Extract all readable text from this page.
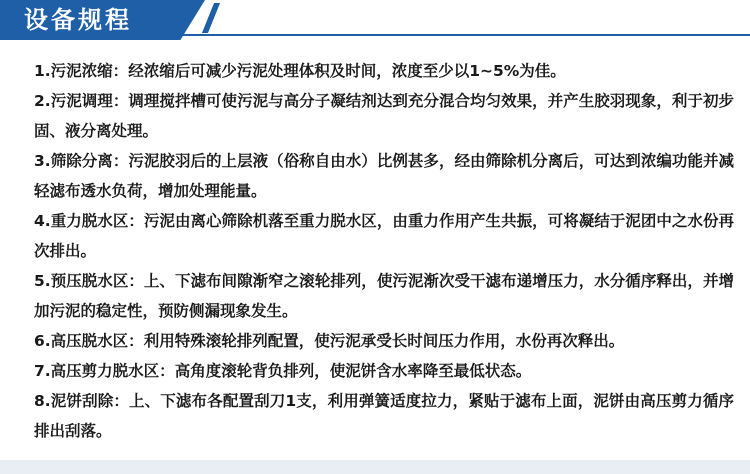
设备规程

1.污泥浓缩：经浓缩后可减少污泥处理体积及时间，浓度至少以1~5%为佳。

2.污泥调理：调理搅拌槽可使污泥与高分子凝结剂达到充分混合均匀效果，并产生胶羽现象，利于初步固、液分离处理。

3.筛除分离：污泥胶羽后的上层液（俗称自由水）比例甚多，经由筛除机分离后，可达到浓编功能并减轻滤布透水负荷，增加处理能量。

4.重力脱水区：污泥由离心筛除机落至重力脱水区，由重力作用产生共振，可将凝结于泥团中之水份再次排出。

5.预压脱水区：上、下滤布间隙渐窄之滚轮排列，使污泥渐次受干滤布递增压力，水分循序释出，并增加污泥的稳定性，预防侧漏现象发生。

6.高压脱水区：利用特殊滚轮排列配置，使污泥承受长时间压力作用，水份再次释出。

7.高压剪力脱水区：高角度滚轮背负排列，使泥饼含水率降至最低状态。

8.泥饼刮除：上、下滤布各配置刮刀1支，利用弹簧适度拉力，紧贴于滤布上面，泥饼由高压剪力循序排出刮落。
